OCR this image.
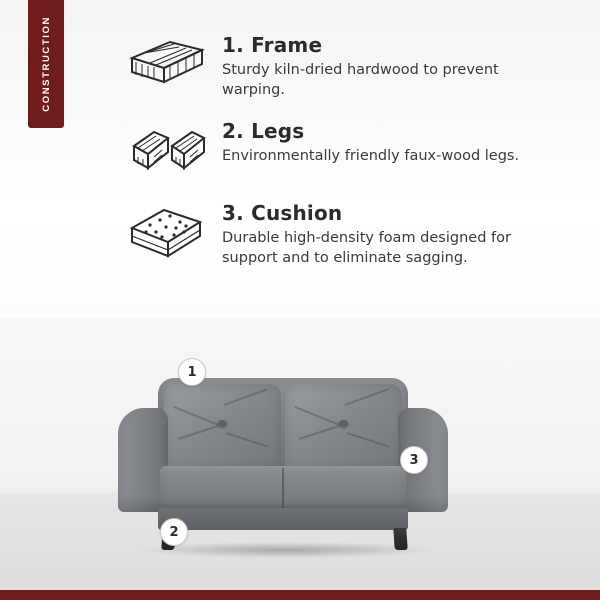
CONSTRUCTION	1. Frame

Sturdy kiln-dried hardwood to prevent warping.

2. Legs

Environmentally friendly faux-wood legs.

3. Cushion

Durable high-density foam designed for support and to eliminate sagging.

1
2
3
